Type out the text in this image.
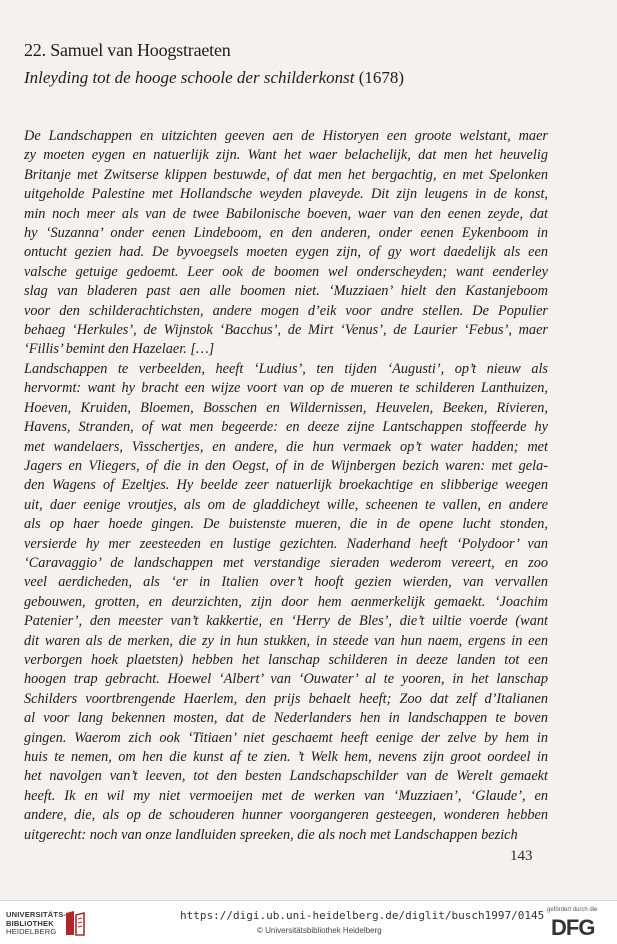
22. Samuel van Hoogstraeten
Inleyding tot de hooge schoole der schilderkonst (1678)
De Landschappen en uitzichten geeven aen de Historyen een groote welstant, maer
zy moeten eygen en natuerlijk zijn. Want het waer belachelijk, dat men het heuvelig
Britanje met Zwitserse klippen bestuwde, of dat men het bergachtig, en met Spelonken
uitgeholde Palestine met Hollandsche weyden plaveyde. Dit zijn leugens in de konst,
min noch meer als van de twee Babilonische boeven, waer van den eenen zeyde, dat
hy ‘Suzanna’ onder eenen Lindeboom, en den anderen, onder eenen Eykenboom in
ontucht gezien had. De byvoegsels moeten eygen zijn, of gy wort daedelijk als een
valsche getuige gedoemt. Leer ook de boomen wel onderscheyden; want eenderley
slag van bladeren past aen alle boomen niet. ‘Muzziaen’ hielt den Kastanjeboom
voor den schilderachtichsten, andere mogen d’eik voor andre stellen. De Populier
behaeg ‘Herkules’, de Wijnstok ‘Bacchus’, de Mirt ‘Venus’, de Laurier ‘Febus’, maer
‘Fillis’ bemint den Hazelaer. […]
Landschappen te verbeelden, heeft ‘Ludius’, ten tijden ‘Augusti’, op’t nieuw als
hervormt: want hy bracht een wijze voort van op de mueren te schilderen Lanthuizen,
Hoeven, Kruiden, Bloemen, Bosschen en Wildernissen, Heuvelen, Beeken, Rivieren,
Havens, Stranden, of wat men begeerde: en deeze zijne Lantschappen stoffeerde hy
met wandelaers, Visschertjes, en andere, die hun vermaek op’t water hadden; met
Jagers en Vliegers, of die in den Oegst, of in de Wijnbergen bezich waren: met gela-
den Wagens of Ezeltjes. Hy beelde zeer natuerlijk broekachtige en slibberige weegen
uit, daer eenige vroutjes, als om de gladdicheyt wille, scheenen te vallen, en andere
als op haer hoede gingen. De buistenste mueren, die in de opene lucht stonden,
versierde hy mer zeesteeden en lustige gezichten. Naderhand heeft ‘Polydoor’ van
‘Caravaggio’ de landschappen met verstandige sieraden wederom vereert, en zoo
veel aerdicheden, als ‘er in Italien over’t hooft gezien wierden, van vervallen
gebouwen, grotten, en deurzichten, zijn door hem aenmerkelijk gemaekt. ‘Joachim
Patenier’, den meester van’t kakkertie, en ‘Herry de Bles’, die’t uiltie voerde (want
dit waren als de merken, die zy in hun stukken, in steede van hun naem, ergens in een
verborgen hoek plaetsten) hebben het lanschap schilderen in deeze landen tot een
hoogen trap gebracht. Hoewel ‘Albert’ van ‘Ouwater’ al te yooren, in het lanschap
Schilders voortbrengende Haerlem, den prijs behaelt heeft; Zoo dat zelf d’Italianen
al voor lang bekennen mosten, dat de Nederlanders hen in landschappen te boven
gingen. Waerom zich ook ‘Titiaen’ niet geschaemt heeft eenige der zelve by hem in
huis te nemen, om hen die kunst af te zien. ’t Welk hem, nevens zijn groot oordeel in
het navolgen van’t leeven, tot den besten Landschapschilder van de Werelt gemaekt
heeft. Ik en wil my niet vermoeijen met de werken van ‘Muzziaen’, ‘Glaude’, en
andere, die, als op de schouderen hunner voorgangeren gesteegen, wonderen hebben
uitgerecht: noch van onze landluiden spreeken, die als noch met Landschappen bezich
143
UNIVERSITÄTS-
BIBLIOTHEK
HEIDELBERG
https://digi.ub.uni-heidelberg.de/diglit/busch1997/0145
© Universitätsbibliothek Heidelberg
gefördert durch die
DFG
